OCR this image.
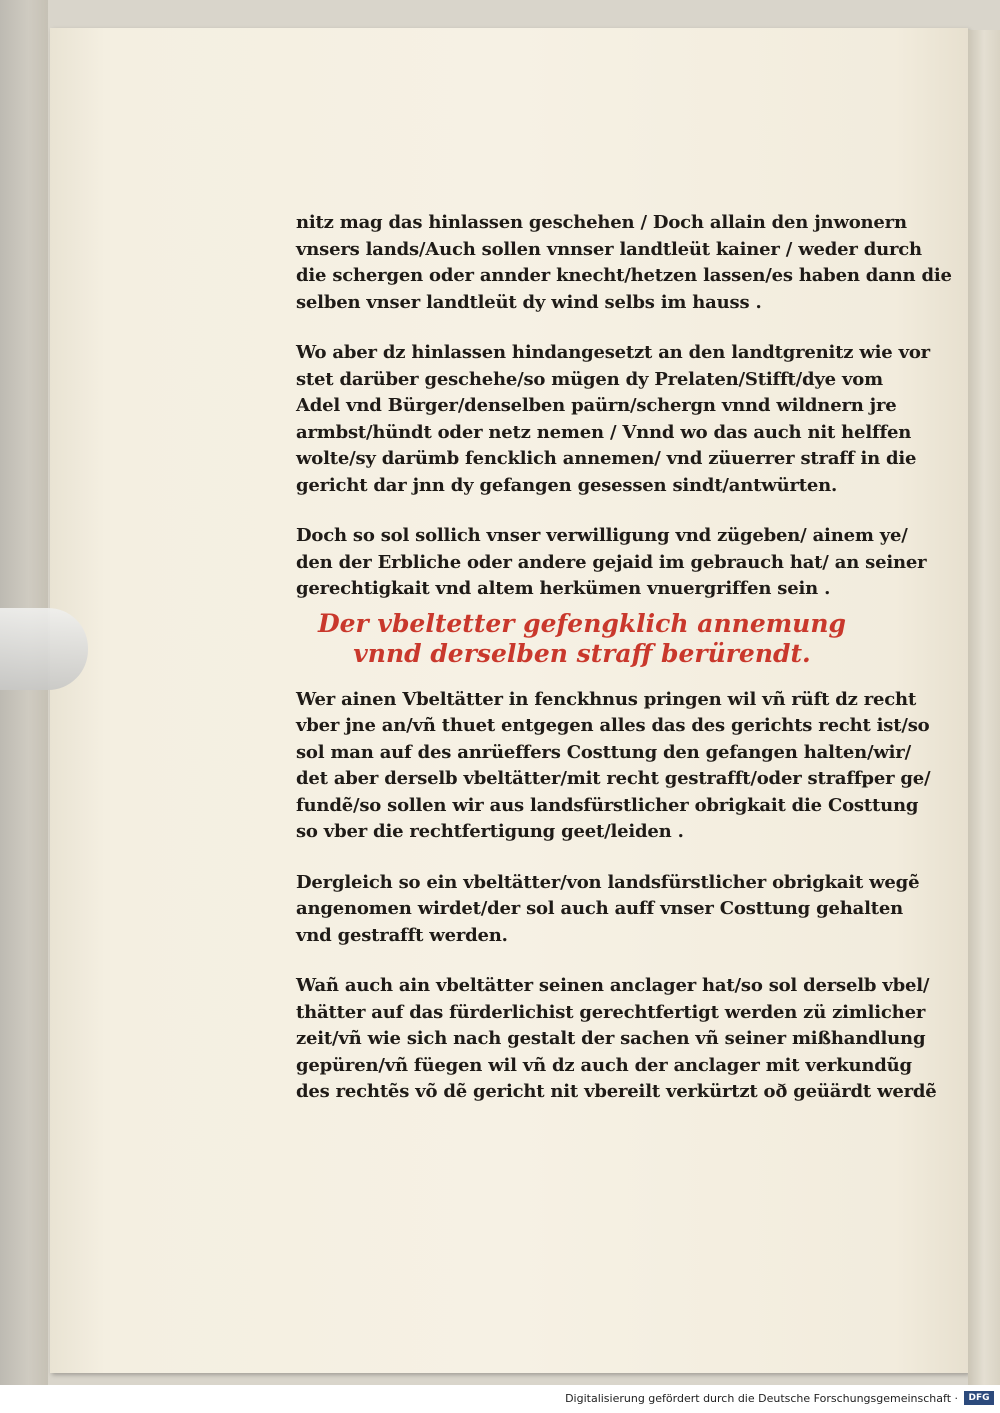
nitz mag das hinlassen geschehen / Doch allain den jnwonern
vnsers lands/Auch sollen vnnser landtleüt kainer / weder durch
die schergen oder annder knecht/hetzen lassen/es haben dann die
selben vnser landtleüt dy wind selbs im hauss .

Wo aber dz hinlassen hindangesetzt an den landtgrenitz wie vor
stet darüber geschehe/so mügen dy Prelaten/Stifft/dye vom
Adel vnd Bürger/denselben paürn/schergn vnnd wildnern jre
armbst/hündt oder netz nemen / Vnnd wo das auch nit helffen
wolte/sy darümb fencklich annemen/ vnd züuerrer straff in die
gericht dar jnn dy gefangen gesessen sindt/antwürten.

Doch so sol sollich vnser verwilligung vnd zügeben/ ainem ye/
den der Erbliche oder andere gejaid im gebrauch hat/ an seiner
gerechtigkait vnd altem herkümen vnuergriffen sein .

Der vbeltetter gefengklich annemung
vnnd derselben straff berürendt.

Wer ainen Vbeltätter in fenckhnus pringen wil vñ rüft dz recht
vber jne an/vñ thuet entgegen alles das des gerichts recht ist/so
sol man auf des anrüeffers Costtung den gefangen halten/wir/
det aber derselb vbeltätter/mit recht gestrafft/oder straffper ge/
fundẽ/so sollen wir aus landsfürstlicher obrigkait die Costtung
so vber die rechtfertigung geet/leiden .

Dergleich so ein vbeltätter/von landsfürstlicher obrigkait wegẽ
angenomen wirdet/der sol auch auff vnser Costtung gehalten
vnd gestrafft werden.

Wañ auch ain vbeltätter seinen anclager hat/so sol derselb vbel/
thätter auf das fürderlichist gerechtfertigt werden zü zimlicher
zeit/vñ wie sich nach gestalt der sachen vñ seiner mißhandlung
gepüren/vñ füegen wil vñ dz auch der anclager mit verkundũg
des rechtẽs võ dẽ gericht nit vbereilt verkürtzt oð geüärdt werdẽ

Digitalisierung gefördert durch die Deutsche Forschungsgemeinschaft ·	DFG
